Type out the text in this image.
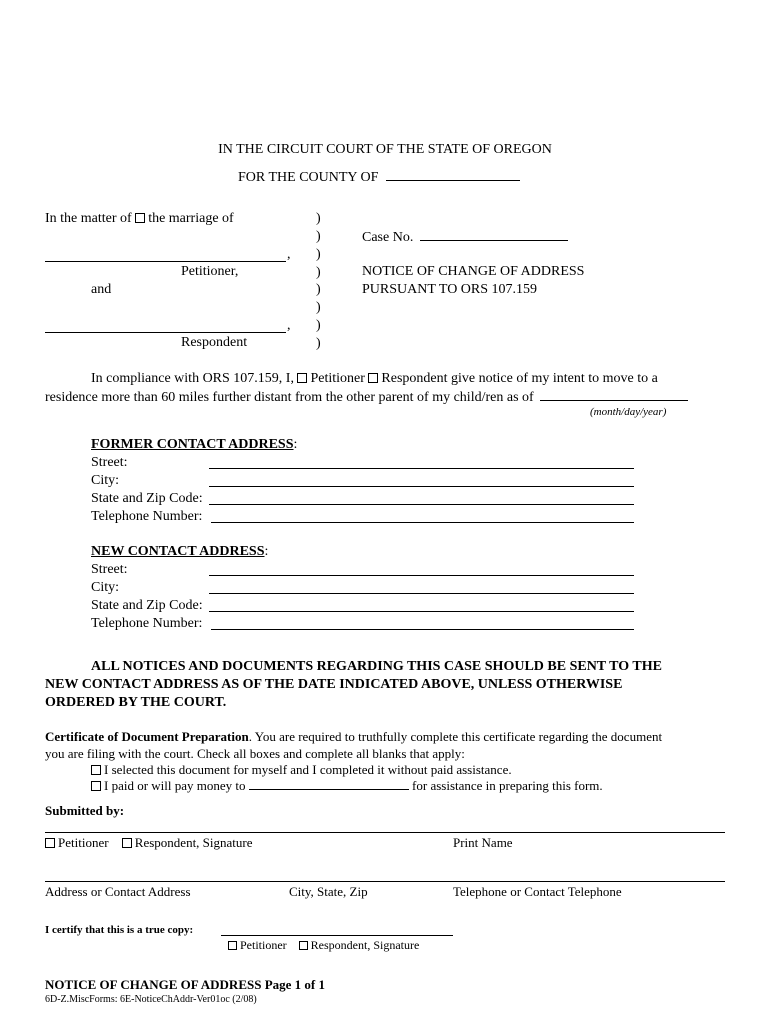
IN THE CIRCUIT COURT OF THE STATE OF OREGON
FOR THE COUNTY OF
In the matter of the marriage of
,
Petitioner,
and
,
Respondent
)
)
)
)
)
)
)
)
Case No.
NOTICE OF CHANGE OF ADDRESS
PURSUANT TO ORS 107.159
In compliance with ORS 107.159, I, Petitioner Respondent give notice of my intent to move to a
residence more than 60 miles further distant from the other parent of my child/ren as of
(month/day/year)
FORMER CONTACT ADDRESS:
Street:
City:
State and Zip Code:
Telephone Number:
NEW CONTACT ADDRESS:
Street:
City:
State and Zip Code:
Telephone Number:
ALL NOTICES AND DOCUMENTS REGARDING THIS CASE SHOULD BE SENT TO THE
NEW CONTACT ADDRESS AS OF THE DATE INDICATED ABOVE, UNLESS OTHERWISE
ORDERED BY THE COURT.
Certificate of Document Preparation. You are required to truthfully complete this certificate regarding the document
you are filing with the court. Check all boxes and complete all blanks that apply:
I selected this document for myself and I completed it without paid assistance.
I paid or will pay money to	for assistance in preparing this form.
Submitted by:
Petitioner Respondent, Signature	Print Name
Address or Contact Address	City, State, Zip	Telephone or Contact Telephone
I certify that this is a true copy:
Petitioner Respondent, Signature
NOTICE OF CHANGE OF ADDRESS Page 1 of 1
6D-Z.MiscForms: 6E-NoticeChAddr-Ver01oc (2/08)
